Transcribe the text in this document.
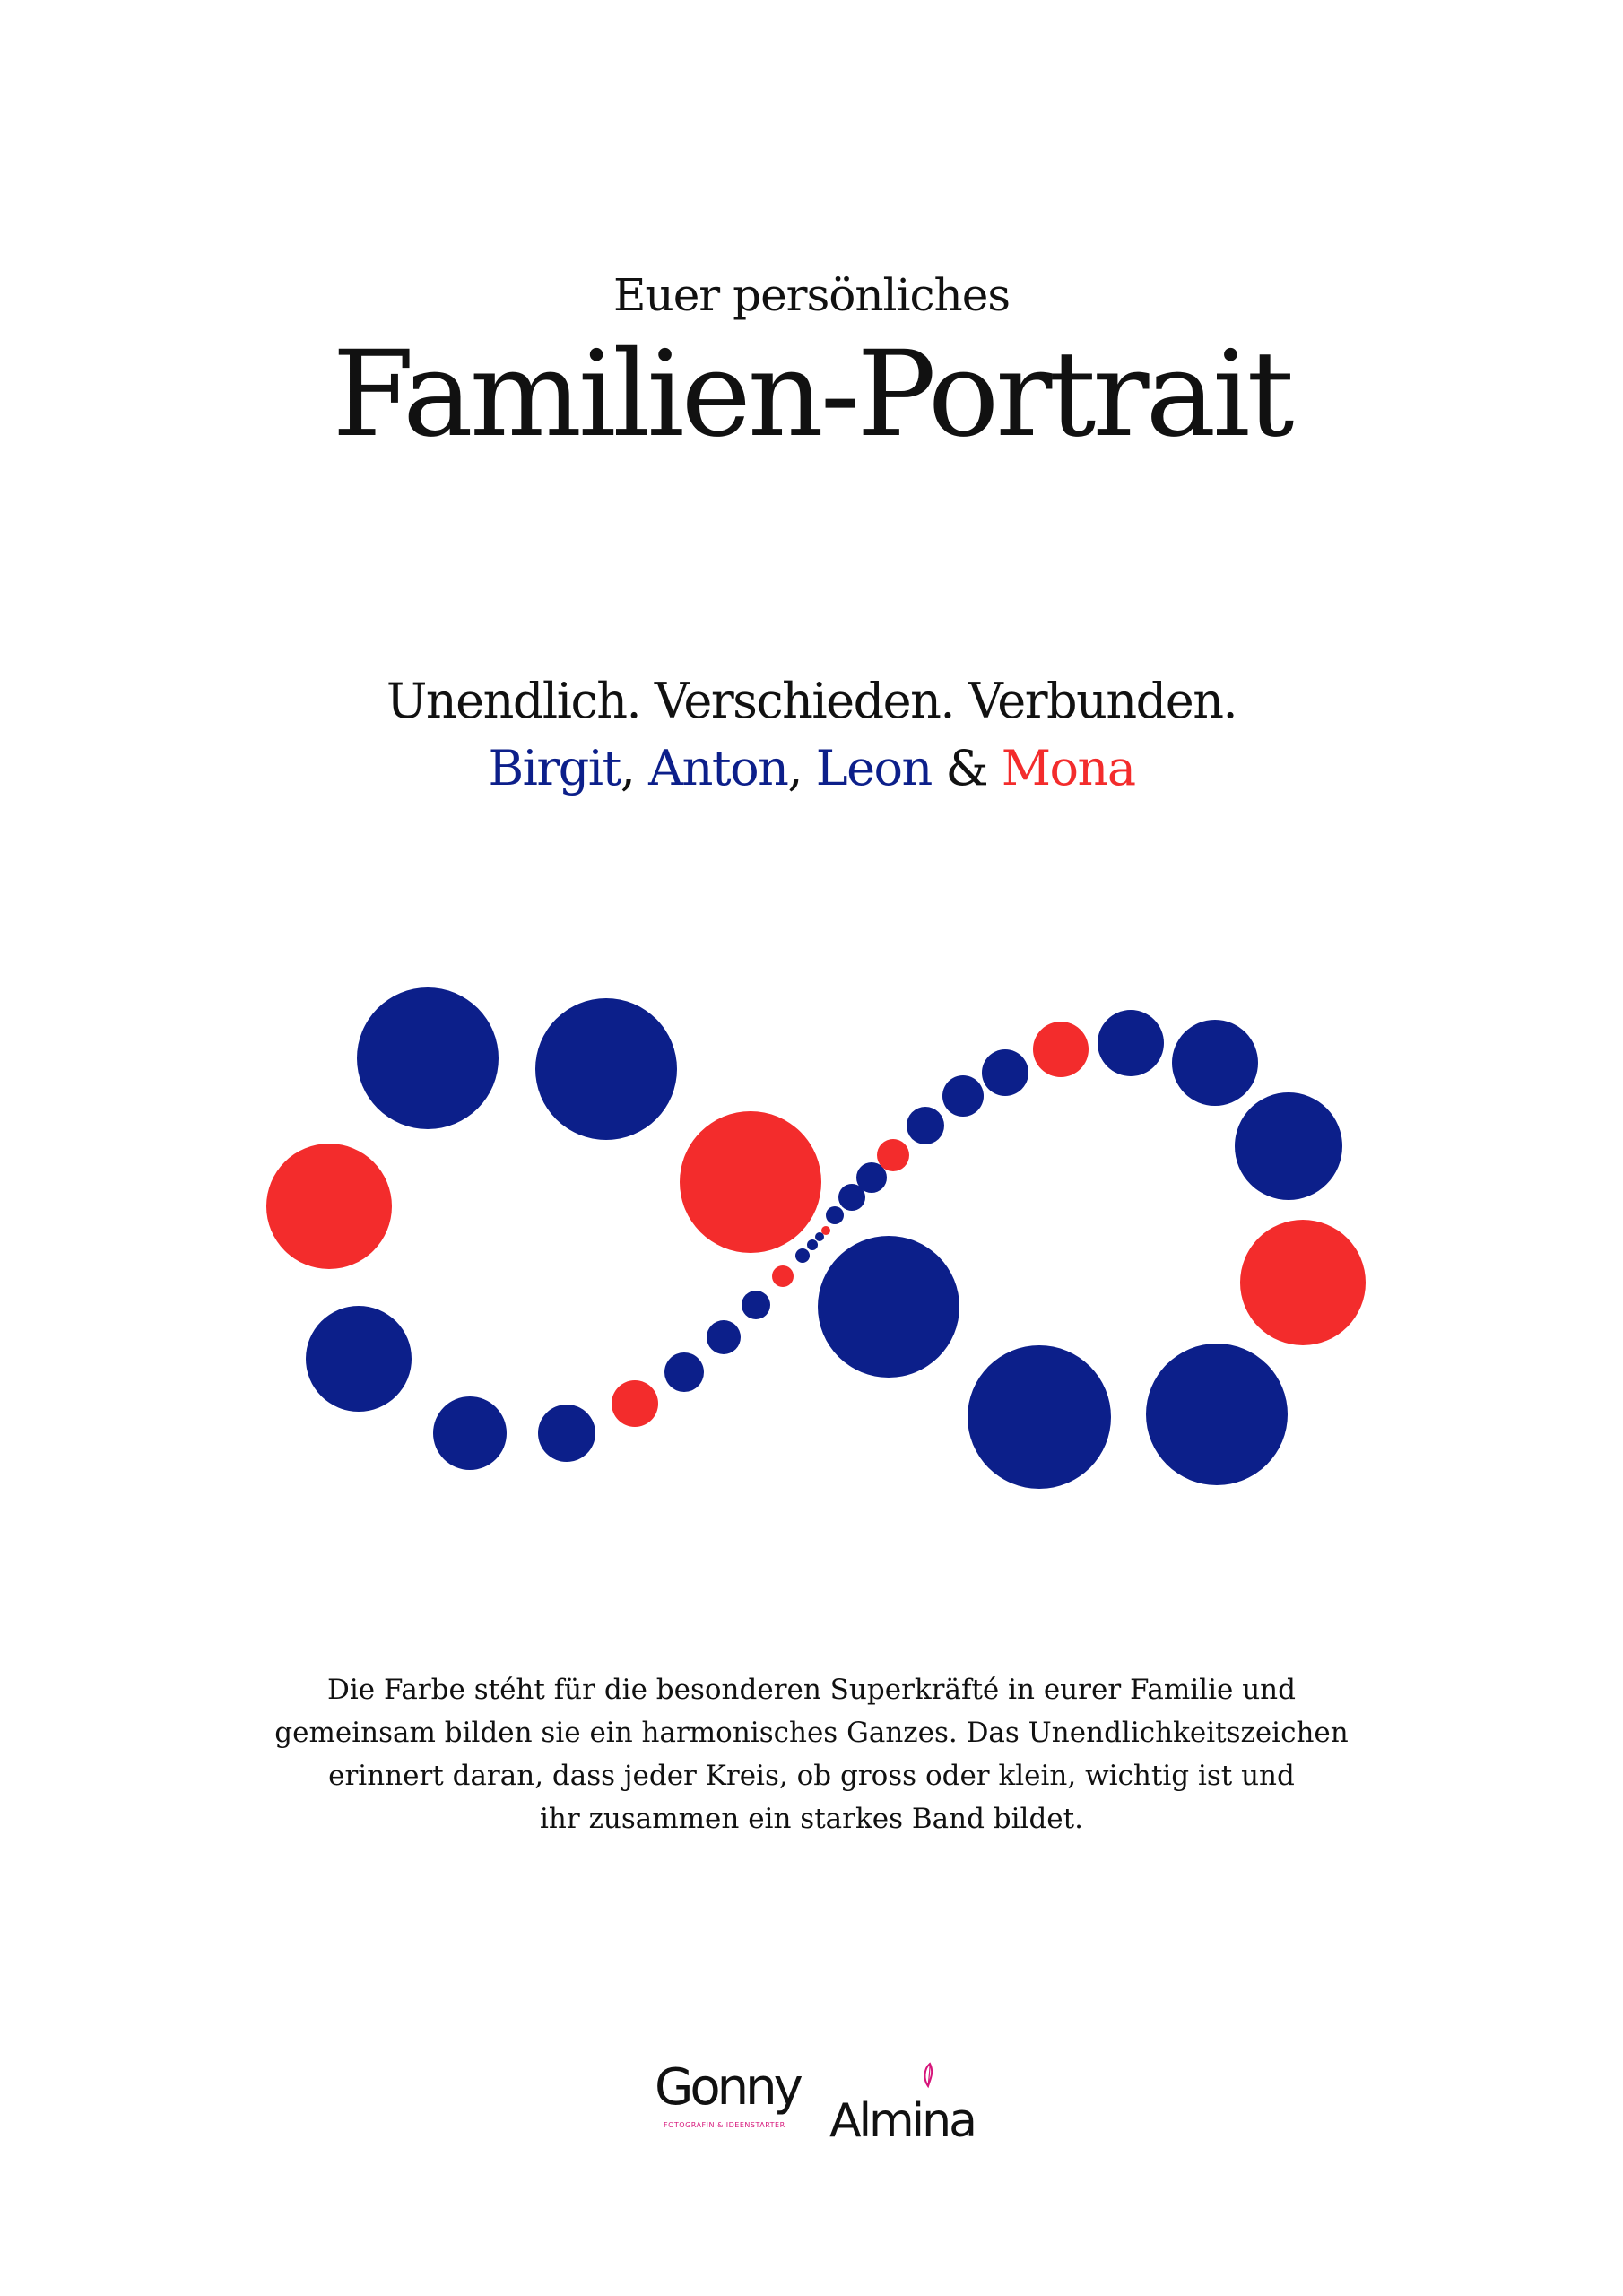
Euer persönliches
Familien-Portrait
Unendlich. Verschieden. Verbunden.
Birgit, Anton, Leon & Mona
Die Farbe stéht für die besonderen Superkräfté in eurer Familie und
gemeinsam bilden sie ein harmonisches Ganzes. Das Unendlichkeitszeichen
erinnert daran, dass jeder Kreis, ob gross oder klein, wichtig ist und
ihr zusammen ein starkes Band bildet.
Gonny
FOTOGRAFIN & IDEENSTARTER Almina
